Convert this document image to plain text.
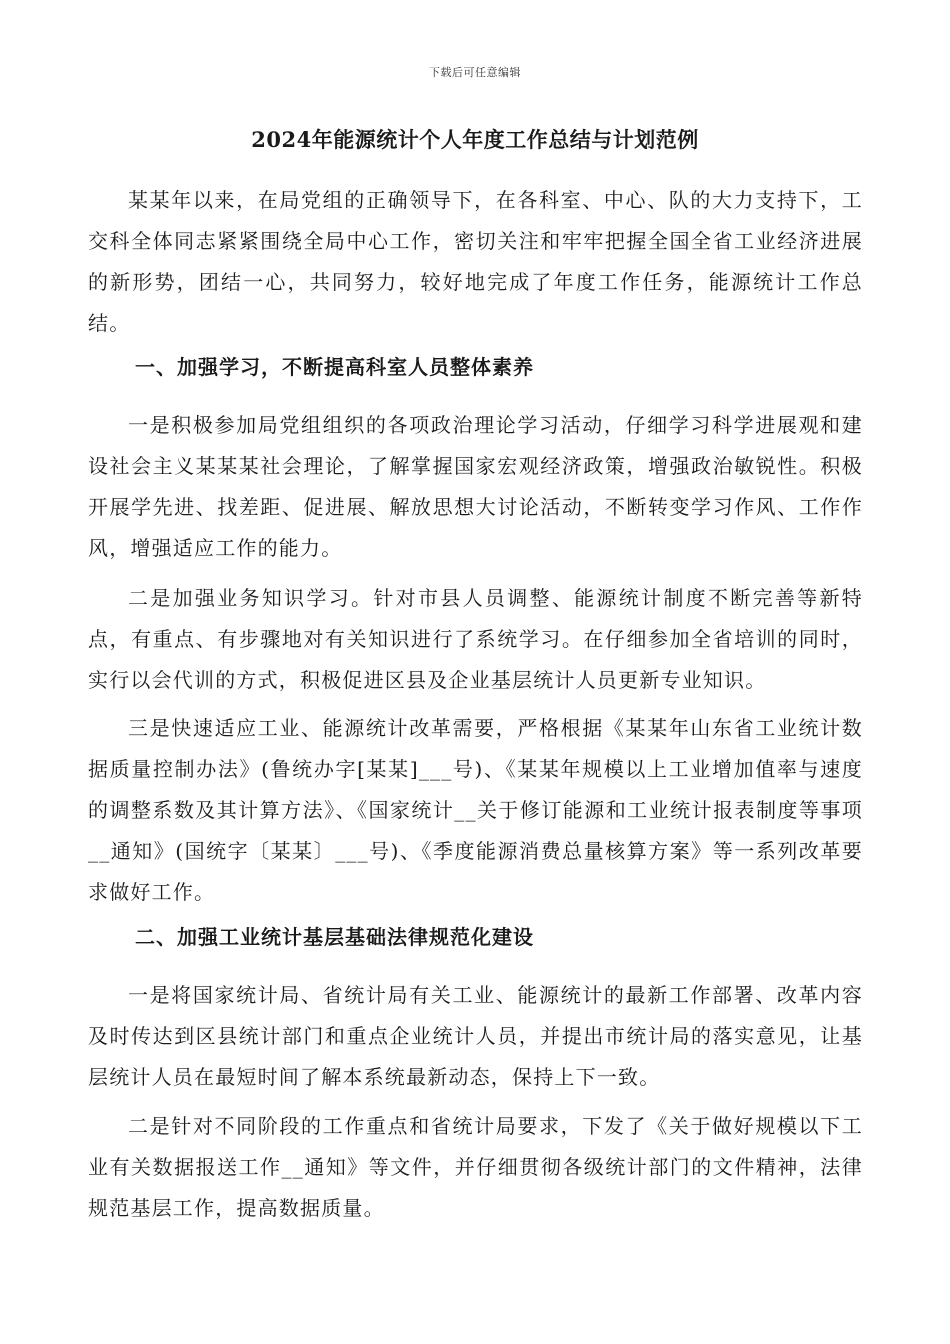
下载后可任意编辑
2024年能源统计个人年度工作总结与计划范例

某某年以来，在局党组的正确领导下，在各科室、中心、队的大力支持下，工交科全体同志紧紧围绕全局中心工作，密切关注和牢牢把握全国全省工业经济进展的新形势，团结一心，共同努力，较好地完成了年度工作任务，能源统计工作总结。

一、加强学习，不断提高科室人员整体素养

一是积极参加局党组组织的各项政治理论学习活动，仔细学习科学进展观和建设社会主义某某某社会理论，了解掌握国家宏观经济政策，增强政治敏锐性。积极开展学先进、找差距、促进展、解放思想大讨论活动，不断转变学习作风、工作作风，增强适应工作的能力。

二是加强业务知识学习。针对市县人员调整、能源统计制度不断完善等新特点，有重点、有步骤地对有关知识进行了系统学习。在仔细参加全省培训的同时，实行以会代训的方式，积极促进区县及企业基层统计人员更新专业知识。

三是快速适应工业、能源统计改革需要，严格根据《某某年山东省工业统计数据质量控制办法》(鲁统办字[某某]___号)、《某某年规模以上工业增加值率与速度的调整系数及其计算方法》、《国家统计__关于修订能源和工业统计报表制度等事项__通知》(国统字〔某某〕___号)、《季度能源消费总量核算方案》等一系列改革要求做好工作。

二、加强工业统计基层基础法律规范化建设

一是将国家统计局、省统计局有关工业、能源统计的最新工作部署、改革内容及时传达到区县统计部门和重点企业统计人员，并提出市统计局的落实意见，让基层统计人员在最短时间了解本系统最新动态，保持上下一致。

二是针对不同阶段的工作重点和省统计局要求，下发了《关于做好规模以下工业有关数据报送工作__通知》等文件，并仔细贯彻各级统计部门的文件精神，法律规范基层工作，提高数据质量。
